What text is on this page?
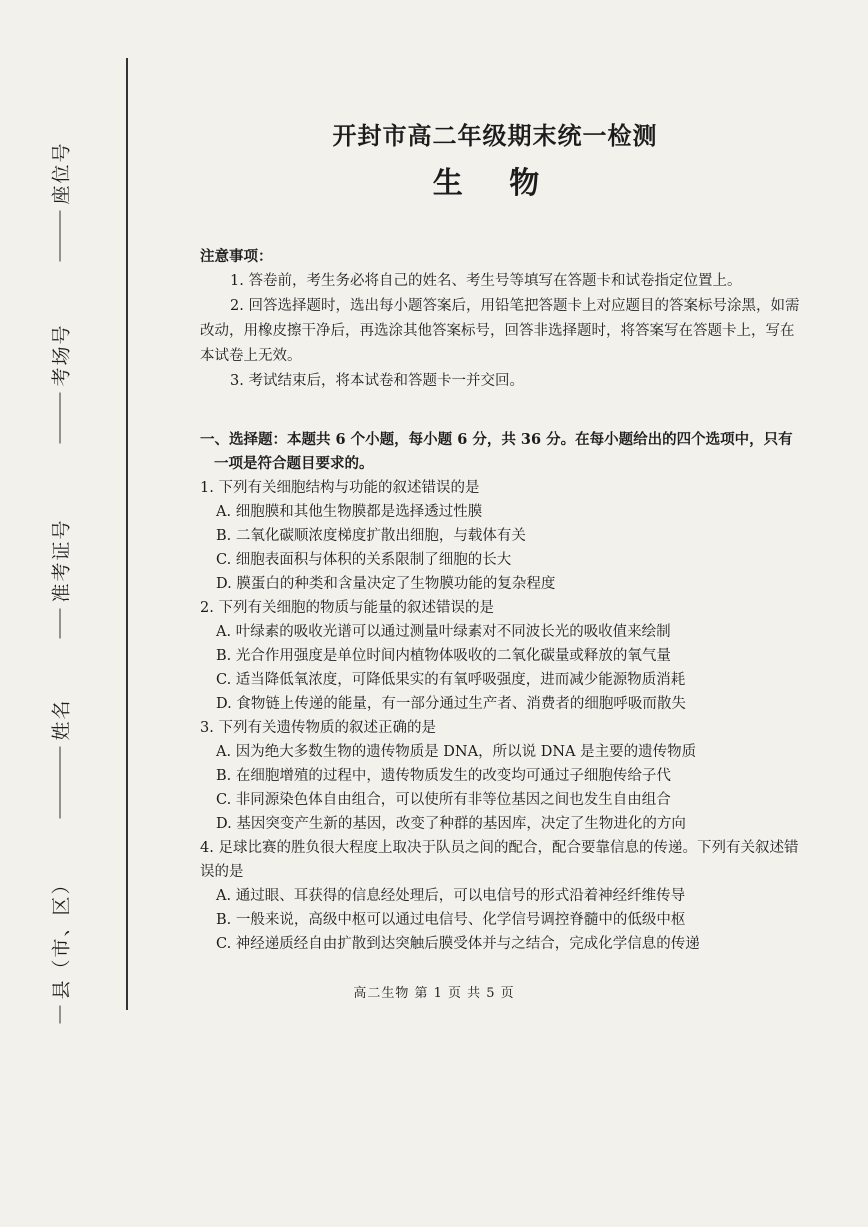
座位号
考场号
准考证号
姓名
县（市、区）
开封市高二年级期末统一检测
生 物
注意事项：

1. 答卷前，考生务必将自己的姓名、考生号等填写在答题卡和试卷指定位置上。

2. 回答选择题时，选出每小题答案后，用铅笔把答题卡上对应题目的答案标号涂黑，如需改动，用橡皮擦干净后，再选涂其他答案标号，回答非选择题时，将答案写在答题卡上，写在本试卷上无效。

3. 考试结束后，将本试卷和答题卡一并交回。

一、选择题：本题共 6 个小题，每小题 6 分，共 36 分。在每小题给出的四个选项中，只有
一项是符合题目要求的。

1. 下列有关细胞结构与功能的叙述错误的是

A. 细胞膜和其他生物膜都是选择透过性膜

B. 二氧化碳顺浓度梯度扩散出细胞，与载体有关

C. 细胞表面积与体积的关系限制了细胞的长大

D. 膜蛋白的种类和含量决定了生物膜功能的复杂程度

2. 下列有关细胞的物质与能量的叙述错误的是

A. 叶绿素的吸收光谱可以通过测量叶绿素对不同波长光的吸收值来绘制

B. 光合作用强度是单位时间内植物体吸收的二氧化碳量或释放的氧气量

C. 适当降低氧浓度，可降低果实的有氧呼吸强度，进而减少能源物质消耗

D. 食物链上传递的能量，有一部分通过生产者、消费者的细胞呼吸而散失

3. 下列有关遗传物质的叙述正确的是

A. 因为绝大多数生物的遗传物质是 DNA，所以说 DNA 是主要的遗传物质

B. 在细胞增殖的过程中，遗传物质发生的改变均可通过子细胞传给子代

C. 非同源染色体自由组合，可以使所有非等位基因之间也发生自由组合

D. 基因突变产生新的基因，改变了种群的基因库，决定了生物进化的方向

4. 足球比赛的胜负很大程度上取决于队员之间的配合，配合要靠信息的传递。下列有关叙述错误的是

A. 通过眼、耳获得的信息经处理后，可以电信号的形式沿着神经纤维传导

B. 一般来说，高级中枢可以通过电信号、化学信号调控脊髓中的低级中枢

C. 神经递质经自由扩散到达突触后膜受体并与之结合，完成化学信息的传递

高二生物 第 1 页 共 5 页
